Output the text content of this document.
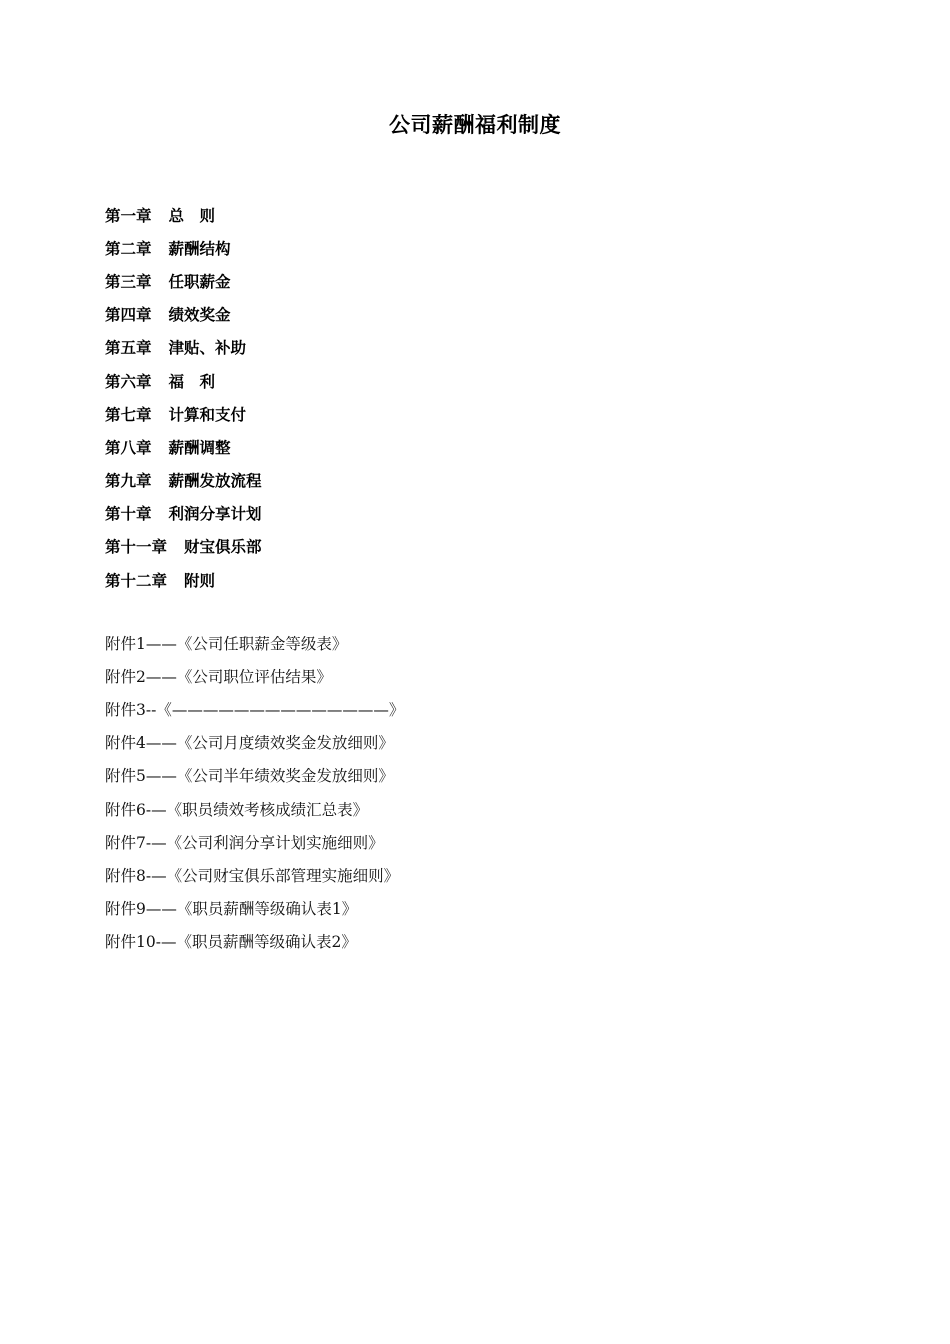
公司薪酬福利制度
第一章 总　则
第二章 薪酬结构
第三章 任职薪金
第四章 绩效奖金
第五章 津贴、补助
第六章 福　利
第七章 计算和支付
第八章 薪酬调整
第九章 薪酬发放流程
第十章 利润分享计划
第十一章 财宝俱乐部
第十二章 附则
附件1——《公司任职薪金等级表》
附件2——《公司职位评估结果》
附件3--《——————————————》
附件4——《公司月度绩效奖金发放细则》
附件5——《公司半年绩效奖金发放细则》
附件6-—《职员绩效考核成绩汇总表》
附件7-—《公司利润分享计划实施细则》
附件8-—《公司财宝俱乐部管理实施细则》
附件9——《职员薪酬等级确认表1》
附件10-—《职员薪酬等级确认表2》
